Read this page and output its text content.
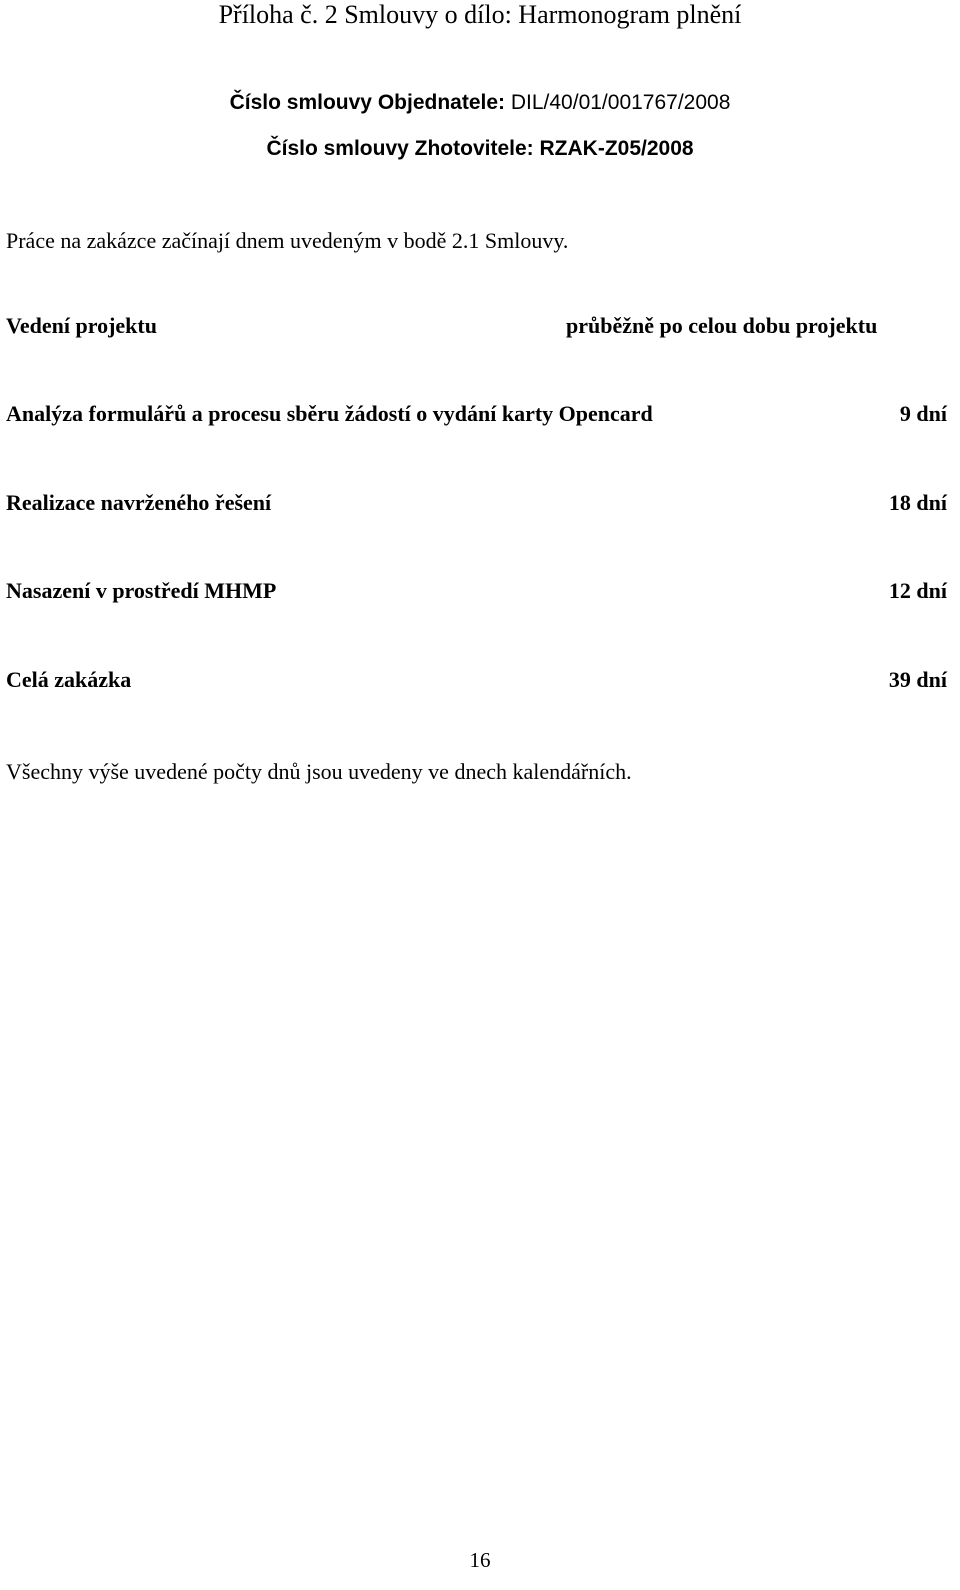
Příloha č. 2 Smlouvy o dílo: Harmonogram plnění
Číslo smlouvy Objednatele: DIL/40/01/001767/2008
Číslo smlouvy Zhotovitele: RZAK-Z05/2008
Práce na zakázce začínají dnem uvedeným v bodě 2.1 Smlouvy.
Vedení projektu	průběžně po celou dobu projektu
Analýza formulářů a procesu sběru žádostí o vydání karty Opencard	9 dní
Realizace navrženého řešení	18 dní
Nasazení v prostředí MHMP	12 dní
Celá zakázka	39 dní
Všechny výše uvedené počty dnů jsou uvedeny ve dnech kalendářních.
16
